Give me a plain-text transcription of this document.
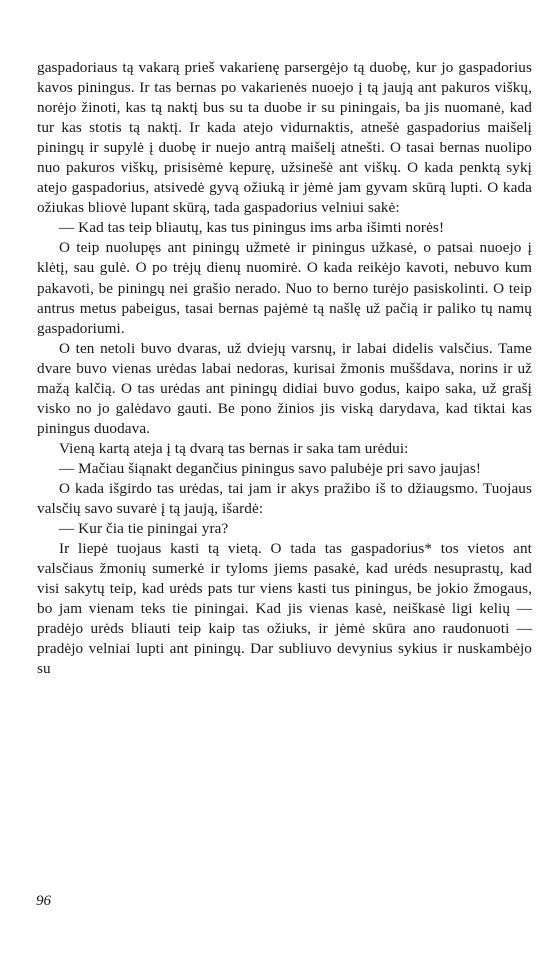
gaspadoriaus tą vakarą prieš vakarienę parsergėjo tą duobę, kur jo gaspadorius kavos piningus. Ir tas bernas po vakarienės nuoejo į tą jaują ant pakuros viškų, norėjo žinoti, kas tą naktį bus su ta duobe ir su piningais, ba jis nuomanė, kad tur kas stotis tą naktį. Ir kada atejo vidurnaktis, atnešė gaspadorius maišelį piningų ir supylė į duobę ir nuejo antrą maišelį atnešti. O tasai bernas nuolipo nuo pakuros viškų, prisisėmė kepurę, užsinešė ant viškų. O kada penktą sykį atejo gaspadorius, atsivedė gyvą ožiuką ir jėmė jam gyvam skūrą lupti. O kada ožiukas bliovė lupant skūrą, tada gaspadorius velniui sakė:

— Kad tas teip bliautų, kas tus piningus ims arba išimti norės!

O teip nuolupęs ant piningų užmetė ir piningus užkasė, o patsai nuoejo į klėtį, sau gulė. O po trėjų dienų nuomirė. O kada reikėjo kavoti, nebuvo kum pakavoti, be piningų nei grašio nerado. Nuo to berno turėjo pasiskolinti. O teip antrus metus pabeigus, tasai bernas pajėmė tą našlę už pačią ir paliko tų namų gaspadoriumi.

O ten netoli buvo dvaras, už dviejų varsnų, ir labai didelis valsčius. Tame dvare buvo vienas urėdas labai nedoras, kurisai žmonis muššdava, norins ir už mažą kalčią. O tas urėdas ant piningų didiai buvo godus, kaipo saka, už grašį visko no jo galėdavo gauti. Be pono žinios jis viską darydava, kad tiktai kas piningus duodava.

Vieną kartą ateja į tą dvarą tas bernas ir saka tam urėdui:

— Mačiau šiąnakt degančius piningus savo palubėje pri savo jaujas!

O kada išgirdo tas urėdas, tai jam ir akys pražibo iš to džiaugsmo. Tuojaus valsčių savo suvarė į tą jaują, išardė:

— Kur čia tie piningai yra?

Ir liepė tuojaus kasti tą vietą. O tada tas gaspadorius* tos vietos ant valsčiaus žmonių sumerkė ir tyloms jiems pasakė, kad urėds nesuprastų, kad visi sakytų teip, kad urėds pats tur viens kasti tus piningus, be jokio žmogaus, bo jam vienam teks tie piningai. Kad jis vienas kasė, neiškasė ligi kelių — pradėjo urėds bliauti teip kaip tas ožiuks, ir jėmė skūra ano raudonuoti — pradėjo velniai lupti ant piningų. Dar subliuvo devynius sykius ir nuskambėjo su

96
